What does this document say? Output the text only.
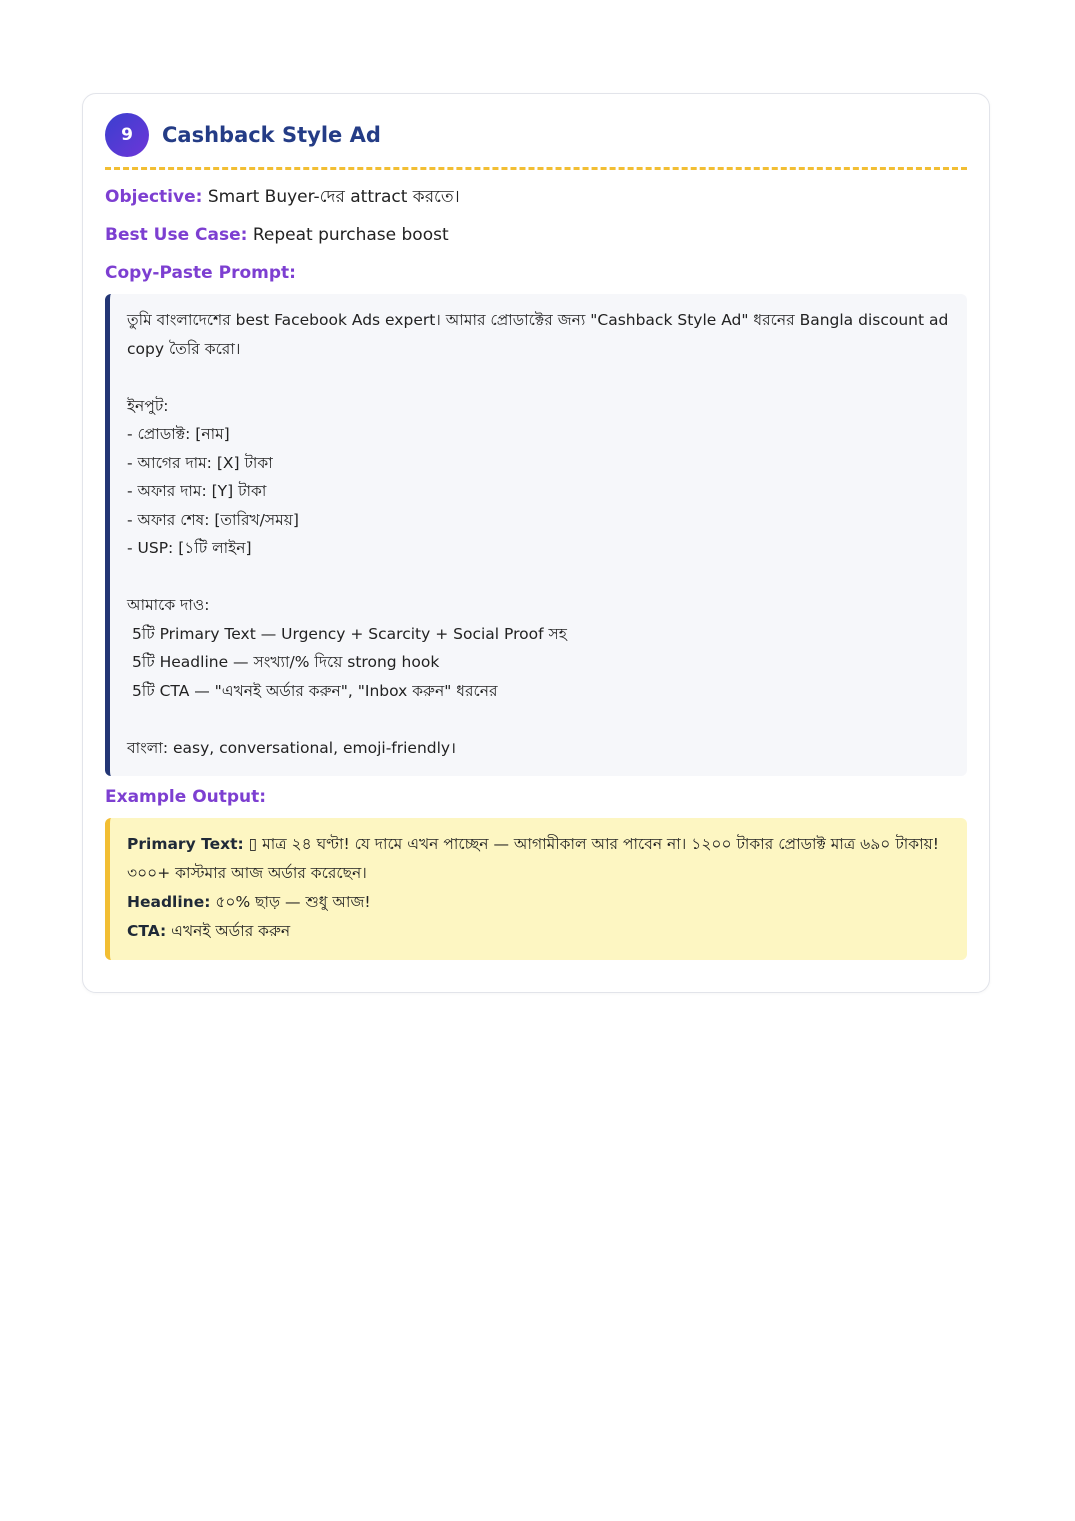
9	Cashback Style Ad
Objective: Smart Buyer-দের attract করতে।
Best Use Case: Repeat purchase boost
Copy-Paste Prompt:
তুমি বাংলাদেশের best Facebook Ads expert। আমার প্রোডাক্টের জন্য "Cashback Style Ad" ধরনের Bangla discount ad copy তৈরি করো।

ইনপুট:
- প্রোডাক্ট: [নাম]
- আগের দাম: [X] টাকা
- অফার দাম: [Y] টাকা
- অফার শেষ: [তারিখ/সময়]
- USP: [১টি লাইন]

আমাকে দাও:
5টি Primary Text — Urgency + Scarcity + Social Proof সহ
5টি Headline — সংখ্যা/% দিয়ে strong hook
5টি CTA — "এখনই অর্ডার করুন", "Inbox করুন" ধরনের

বাংলা: easy, conversational, emoji-friendly।
Example Output:
Primary Text: ▯ মাত্র ২৪ ঘণ্টা! যে দামে এখন পাচ্ছেন — আগামীকাল আর পাবেন না। ১২০০ টাকার প্রোডাক্ট মাত্র ৬৯০ টাকায়! ৩০০+ কাস্টমার আজ অর্ডার করেছেন।
Headline: ৫০% ছাড় — শুধু আজ!
CTA: এখনই অর্ডার করুন
